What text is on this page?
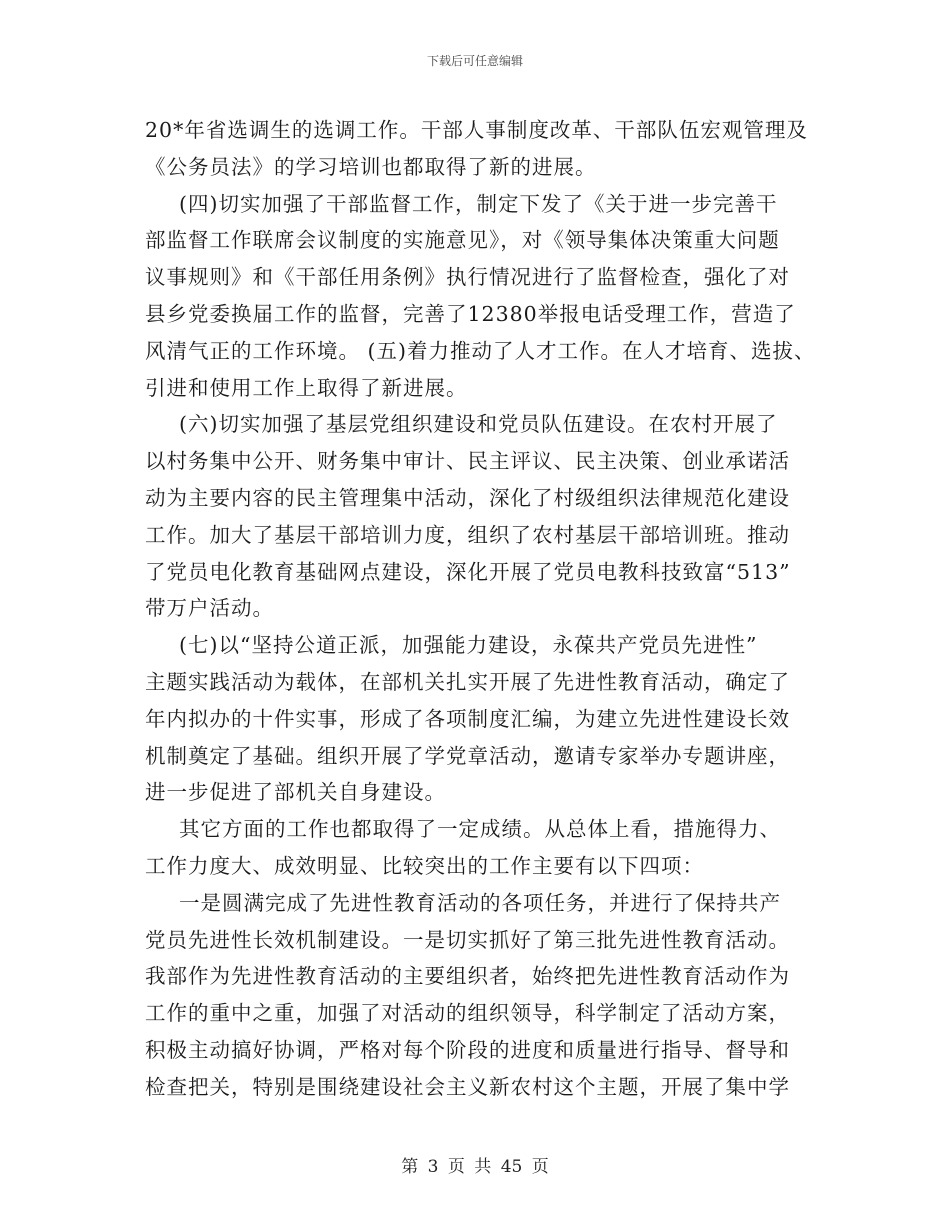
下载后可任意编辑
20*年省选调生的选调工作。干部人事制度改革、干部队伍宏观管理及
《公务员法》的学习培训也都取得了新的进展。
(四)切实加强了干部监督工作，制定下发了《关于进一步完善干
部监督工作联席会议制度的实施意见》，对《领导集体决策重大问题
议事规则》和《干部任用条例》执行情况进行了监督检查，强化了对
县乡党委换届工作的监督，完善了12380举报电话受理工作，营造了
风清气正的工作环境。 (五)着力推动了人才工作。在人才培育、选拔、
引进和使用工作上取得了新进展。
(六)切实加强了基层党组织建设和党员队伍建设。在农村开展了
以村务集中公开、财务集中审计、民主评议、民主决策、创业承诺活
动为主要内容的民主管理集中活动，深化了村级组织法律规范化建设
工作。加大了基层干部培训力度，组织了农村基层干部培训班。推动
了党员电化教育基础网点建设，深化开展了党员电教科技致富“513”
带万户活动。
(七)以“坚持公道正派，加强能力建设，永葆共产党员先进性”
主题实践活动为载体，在部机关扎实开展了先进性教育活动，确定了
年内拟办的十件实事，形成了各项制度汇编，为建立先进性建设长效
机制奠定了基础。组织开展了学党章活动，邀请专家举办专题讲座，
进一步促进了部机关自身建设。
其它方面的工作也都取得了一定成绩。从总体上看，措施得力、
工作力度大、成效明显、比较突出的工作主要有以下四项：
一是圆满完成了先进性教育活动的各项任务，并进行了保持共产
党员先进性长效机制建设。一是切实抓好了第三批先进性教育活动。
我部作为先进性教育活动的主要组织者，始终把先进性教育活动作为
工作的重中之重，加强了对活动的组织领导，科学制定了活动方案，
积极主动搞好协调，严格对每个阶段的进度和质量进行指导、督导和
检查把关，特别是围绕建设社会主义新农村这个主题，开展了集中学
第 3 页 共 45 页
